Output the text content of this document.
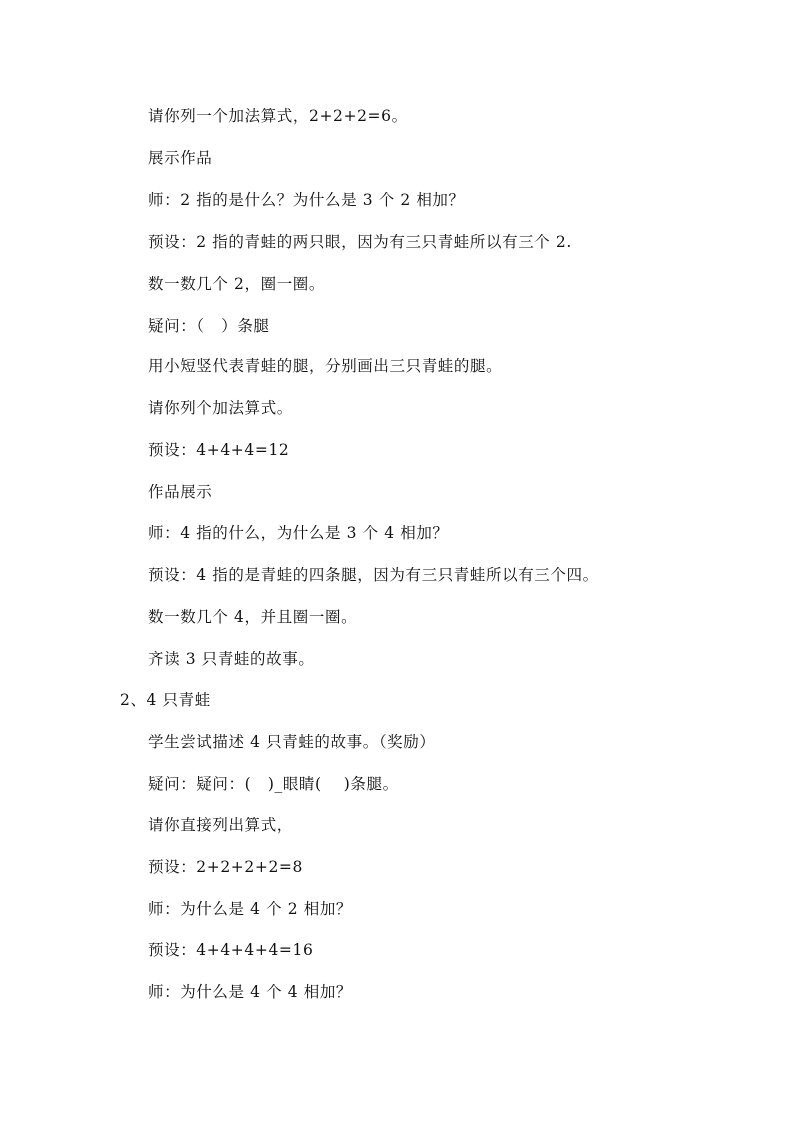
请你列一个加法算式，2+2+2=6。
展示作品
师：2 指的是什么？为什么是 3 个 2 相加？
预设：2 指的青蛙的两只眼，因为有三只青蛙所以有三个 2.
数一数几个 2，圈一圈。
疑问：（   ）条腿
用小短竖代表青蛙的腿，分别画出三只青蛙的腿。
请你列个加法算式。
预设：4+4+4=12
作品展示
师：4 指的什么，为什么是 3 个 4 相加？
预设：4 指的是青蛙的四条腿，因为有三只青蛙所以有三个四。
数一数几个 4，并且圈一圈。
齐读 3 只青蛙的故事。
2、4 只青蛙
学生尝试描述 4 只青蛙的故事。（奖励）
疑问：疑问：(   )_眼睛(    )条腿。
请你直接列出算式，
预设：2+2+2+2=8
师：为什么是 4 个 2 相加？
预设：4+4+4+4=16
师：为什么是 4 个 4 相加？
